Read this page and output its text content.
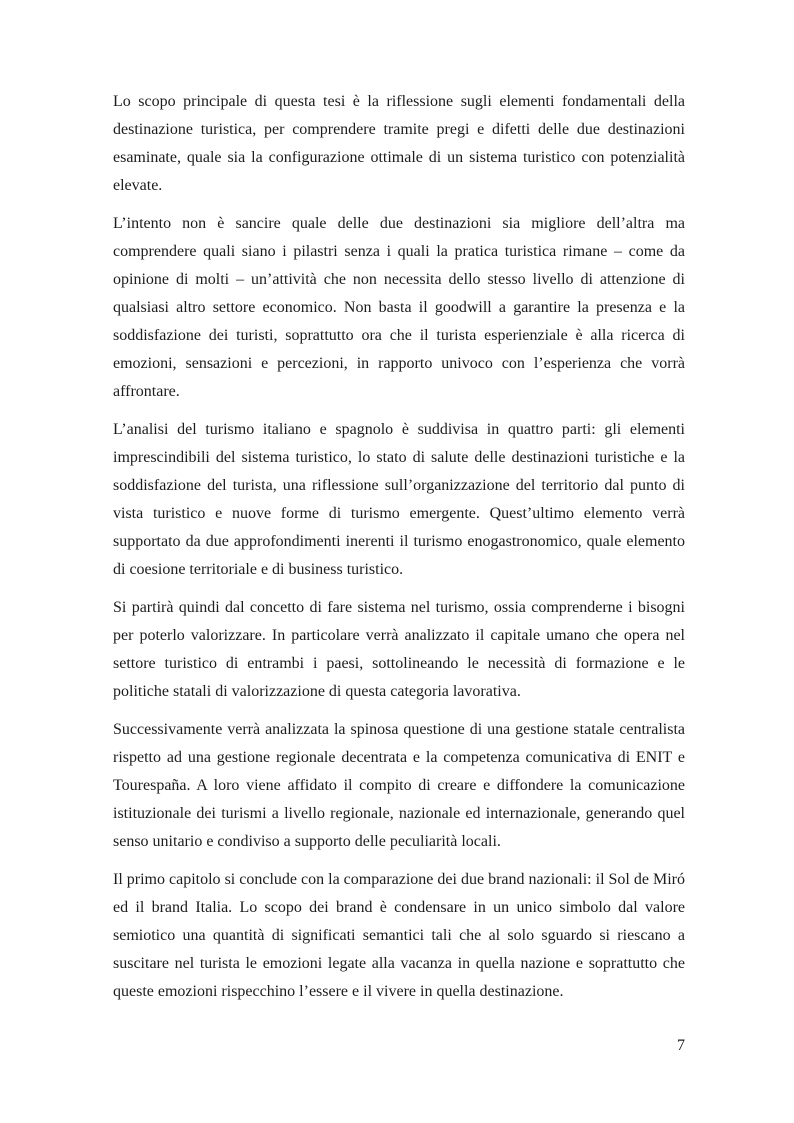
Lo scopo principale di questa tesi è la riflessione sugli elementi fondamentali della destinazione turistica, per comprendere tramite pregi e difetti delle due destinazioni esaminate, quale sia la configurazione ottimale di un sistema turistico con potenzialità elevate.

L’intento non è sancire quale delle due destinazioni sia migliore dell’altra ma comprendere quali siano i pilastri senza i quali la pratica turistica rimane – come da opinione di molti – un’attività che non necessita dello stesso livello di attenzione di qualsiasi altro settore economico. Non basta il goodwill a garantire la presenza e la soddisfazione dei turisti, soprattutto ora che il turista esperienziale è alla ricerca di emozioni, sensazioni e percezioni, in rapporto univoco con l’esperienza che vorrà affrontare.

L’analisi del turismo italiano e spagnolo è suddivisa in quattro parti: gli elementi imprescindibili del sistema turistico, lo stato di salute delle destinazioni turistiche e la soddisfazione del turista, una riflessione sull’organizzazione del territorio dal punto di vista turistico e nuove forme di turismo emergente. Quest’ultimo elemento verrà supportato da due approfondimenti inerenti il turismo enogastronomico, quale elemento di coesione territoriale e di business turistico.

Si partirà quindi dal concetto di fare sistema nel turismo, ossia comprenderne i bisogni per poterlo valorizzare. In particolare verrà analizzato il capitale umano che opera nel settore turistico di entrambi i paesi, sottolineando le necessità di formazione e le politiche statali di valorizzazione di questa categoria lavorativa.

Successivamente verrà analizzata la spinosa questione di una gestione statale centralista rispetto ad una gestione regionale decentrata e la competenza comunicativa di ENIT e Tourespaña. A loro viene affidato il compito di creare e diffondere la comunicazione istituzionale dei turismi a livello regionale, nazionale ed internazionale, generando quel senso unitario e condiviso a supporto delle peculiarità locali.

Il primo capitolo si conclude con la comparazione dei due brand nazionali: il Sol de Miró ed il brand Italia. Lo scopo dei brand è condensare in un unico simbolo dal valore semiotico una quantità di significati semantici tali che al solo sguardo si riescano a suscitare nel turista le emozioni legate alla vacanza in quella nazione e soprattutto che queste emozioni rispecchino l’essere e il vivere in quella destinazione.

7
